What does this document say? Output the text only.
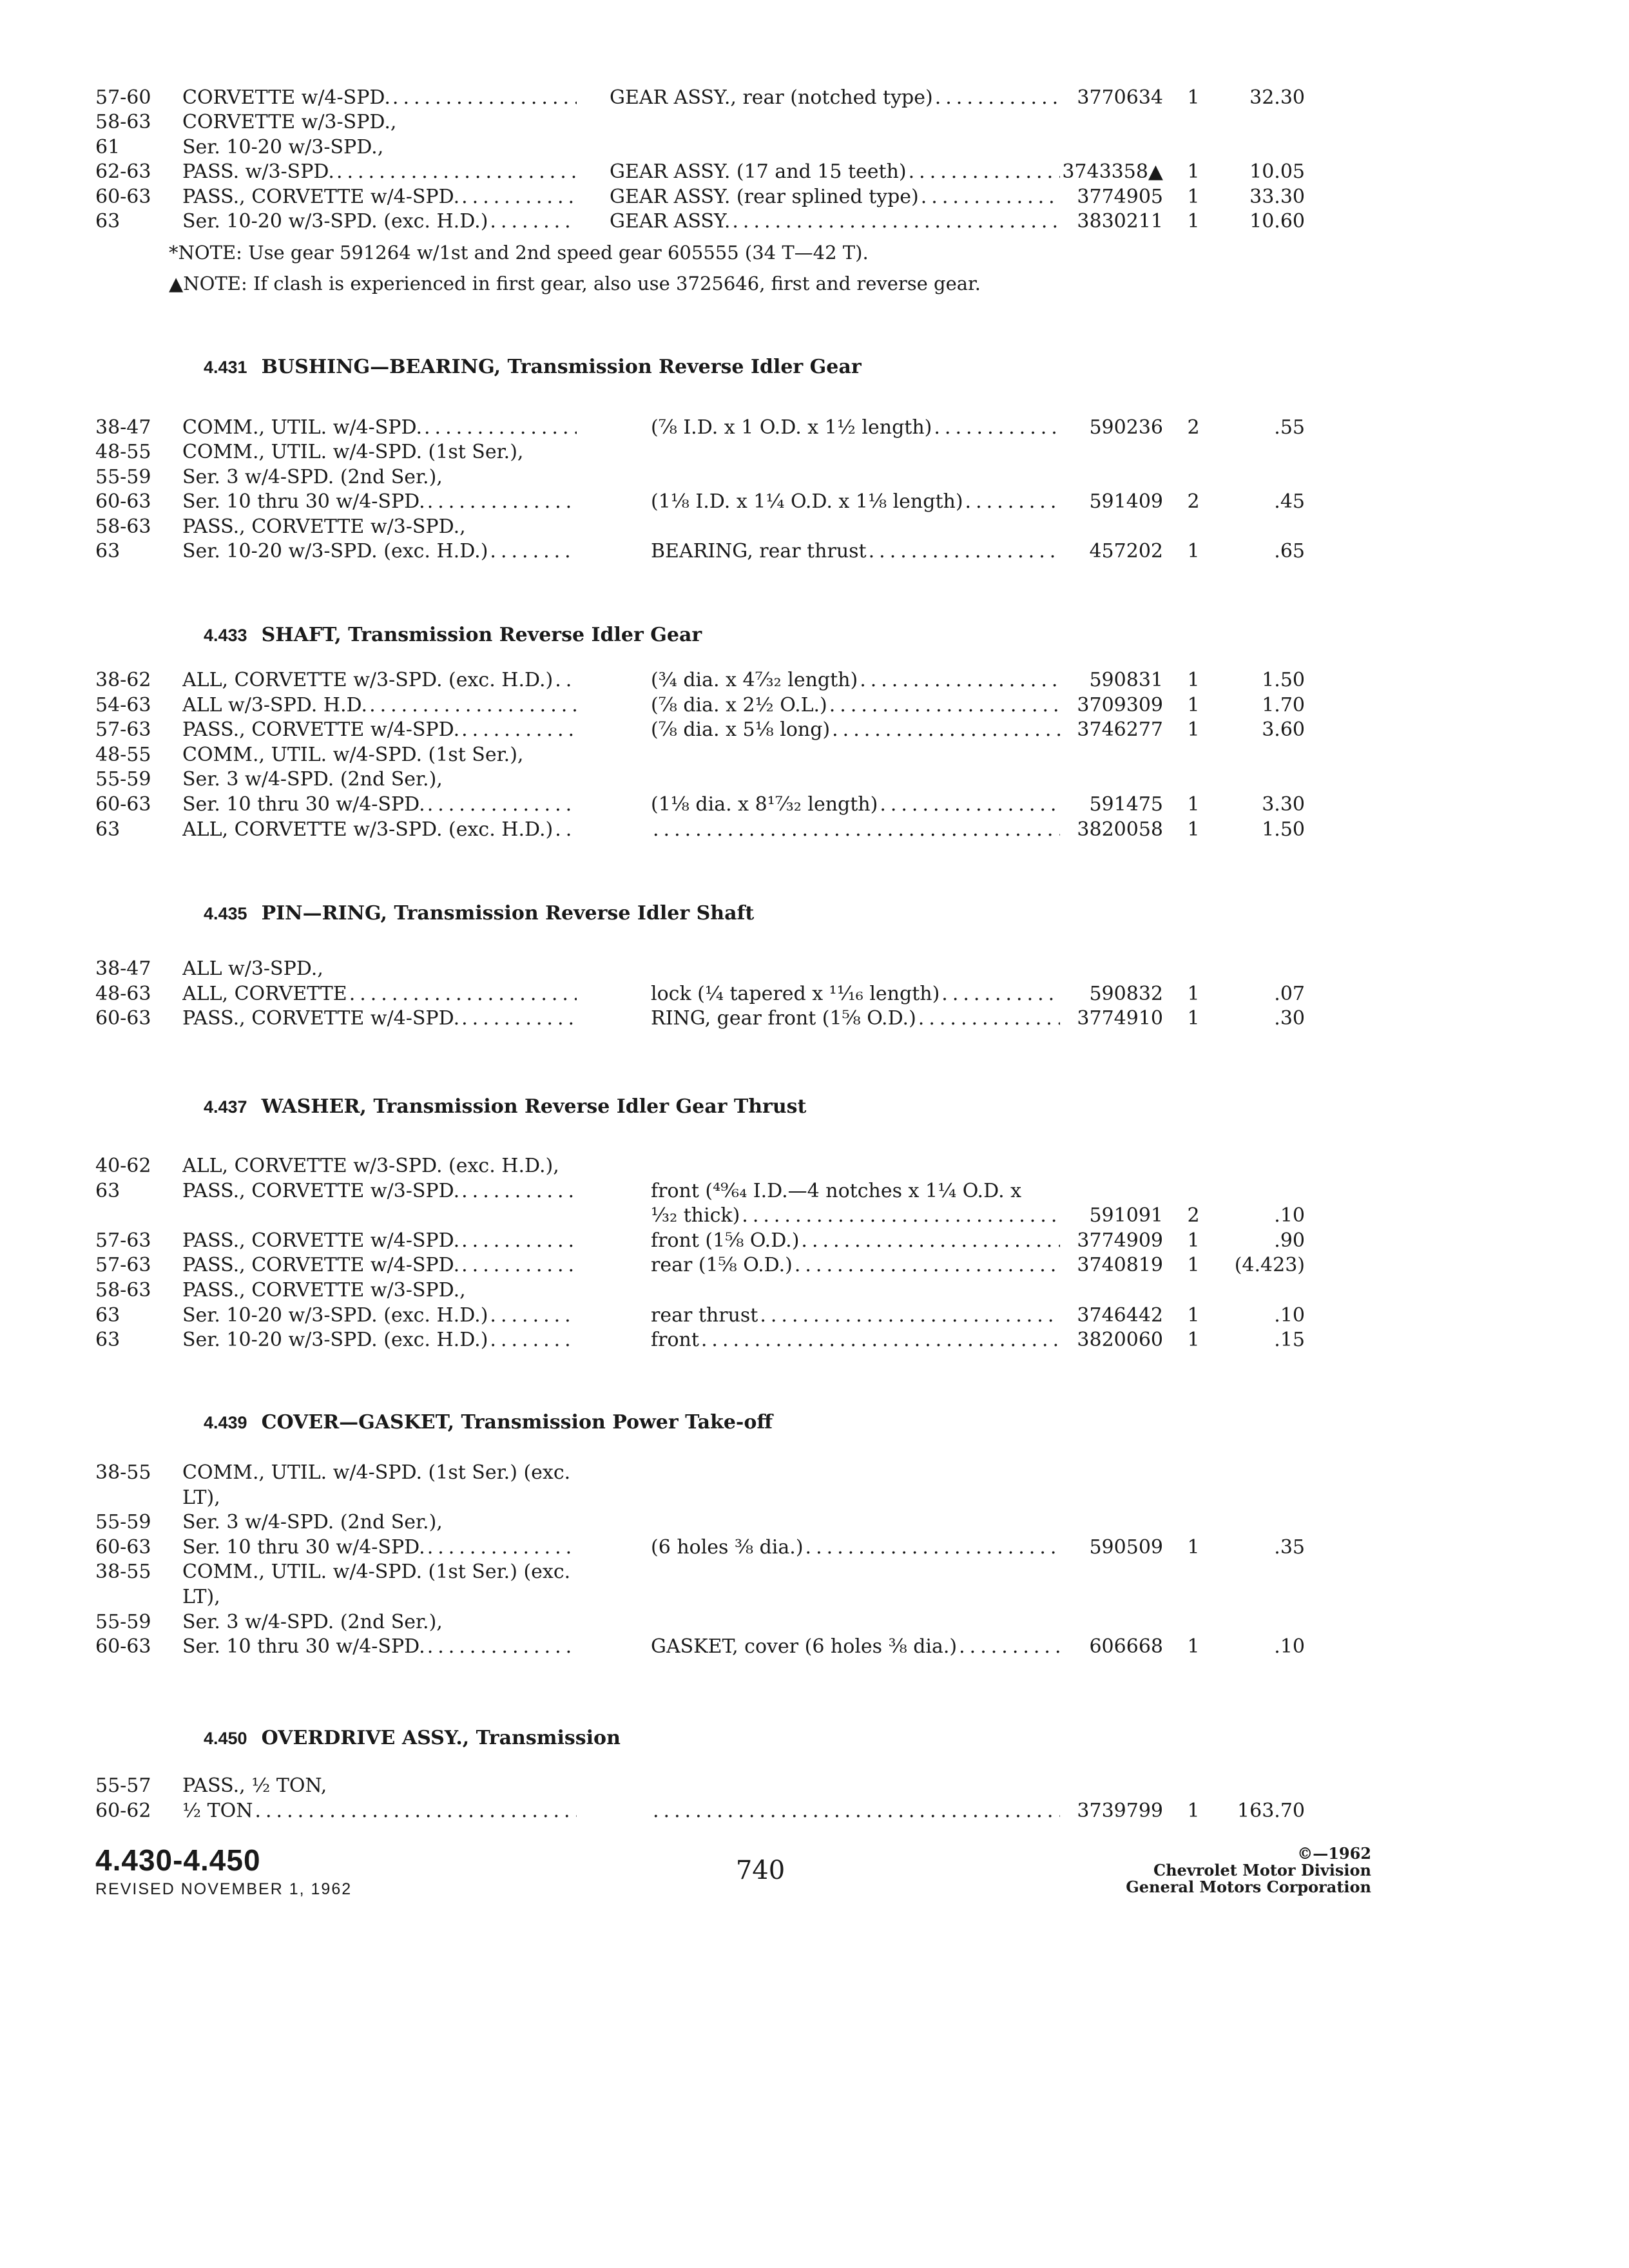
57-60	CORVETTE w/4-SPD. .....	GEAR ASSY., rear (notched type) .....	3770634	1	32.30
58-63	CORVETTE w/3-SPD.,
61	Ser. 10-20 w/3-SPD.,
62-63	PASS. w/3-SPD. .....	GEAR ASSY. (17 and 15 teeth) .....	3743358▲	1	10.05
60-63	PASS., CORVETTE w/4-SPD. .....	GEAR ASSY. (rear splined type) .....	3774905	1	33.30
63	Ser. 10-20 w/3-SPD. (exc. H.D.) .....	GEAR ASSY. .....	3830211	1	10.60
*NOTE: Use gear 591264 w/1st and 2nd speed gear 605555 (34 T—42 T).
▲NOTE: If clash is experienced in first gear, also use 3725646, first and reverse gear.
4.431 BUSHING—BEARING, Transmission Reverse Idler Gear
38-47	COMM., UTIL. w/4-SPD. .....	(⅞ I.D. x 1 O.D. x 1½ length) .....	590236	2	.55
48-55	COMM., UTIL. w/4-SPD. (1st Ser.),
55-59	Ser. 3 w/4-SPD. (2nd Ser.),
60-63	Ser. 10 thru 30 w/4-SPD. .....	(1⅛ I.D. x 1¼ O.D. x 1⅛ length) .....	591409	2	.45
58-63	PASS., CORVETTE w/3-SPD.,
63	Ser. 10-20 w/3-SPD. (exc. H.D.) .....	BEARING, rear thrust .....	457202	1	.65
4.433 SHAFT, Transmission Reverse Idler Gear
38-62	ALL, CORVETTE w/3-SPD. (exc. H.D.) .....	(¾ dia. x 4⁷⁄₃₂ length) .....	590831	1	1.50
54-63	ALL w/3-SPD. H.D. .....	(⅞ dia. x 2½ O.L.) .....	3709309	1	1.70
57-63	PASS., CORVETTE w/4-SPD. .....	(⅞ dia. x 5⅛ long) .....	3746277	1	3.60
48-55	COMM., UTIL. w/4-SPD. (1st Ser.),
55-59	Ser. 3 w/4-SPD. (2nd Ser.),
60-63	Ser. 10 thru 30 w/4-SPD. .....	(1⅛ dia. x 8¹⁷⁄₃₂ length) .....	591475	1	3.30
63	ALL, CORVETTE w/3-SPD. (exc. H.D.) ..... .....	3820058	1	1.50
4.435 PIN—RING, Transmission Reverse Idler Shaft
38-47	ALL w/3-SPD.,
48-63	ALL, CORVETTE .....	lock (¼ tapered x ¹¹⁄₁₆ length) .....	590832	1	.07
60-63	PASS., CORVETTE w/4-SPD. .....	RING, gear front (1⅝ O.D.) .....	3774910	1	.30
4.437 WASHER, Transmission Reverse Idler Gear Thrust
40-62	ALL, CORVETTE w/3-SPD. (exc. H.D.),
63	PASS., CORVETTE w/3-SPD. .....	front (⁴⁹⁄₆₄ I.D.—4 notches x 1¼ O.D. x
¹⁄₃₂ thick) .....	591091	2	.10
57-63	PASS., CORVETTE w/4-SPD. .....	front (1⅝ O.D.) .....	3774909	1	.90
57-63	PASS., CORVETTE w/4-SPD. .....	rear (1⅝ O.D.) .....	3740819	1	(4.423)
58-63	PASS., CORVETTE w/3-SPD.,
63	Ser. 10-20 w/3-SPD. (exc. H.D.) .....	rear thrust .....	3746442	1	.10
63	Ser. 10-20 w/3-SPD. (exc. H.D.) .....	front .....	3820060	1	.15
4.439 COVER—GASKET, Transmission Power Take-off
38-55	COMM., UTIL. w/4-SPD. (1st Ser.) (exc.
LT),
55-59	Ser. 3 w/4-SPD. (2nd Ser.),
60-63	Ser. 10 thru 30 w/4-SPD. .....	(6 holes ⅜ dia.) .....	590509	1	.35
38-55	COMM., UTIL. w/4-SPD. (1st Ser.) (exc.
LT),
55-59	Ser. 3 w/4-SPD. (2nd Ser.),
60-63	Ser. 10 thru 30 w/4-SPD. .....	GASKET, cover (6 holes ⅜ dia.) .....	606668	1	.10
4.450 OVERDRIVE ASSY., Transmission
55-57	PASS., ½ TON,
60-62	½ TON ..... .....	3739799	1	163.70
4.430-4.450
REVISED NOVEMBER 1, 1962
740
©—1962
Chevrolet Motor Division
General Motors Corporation
